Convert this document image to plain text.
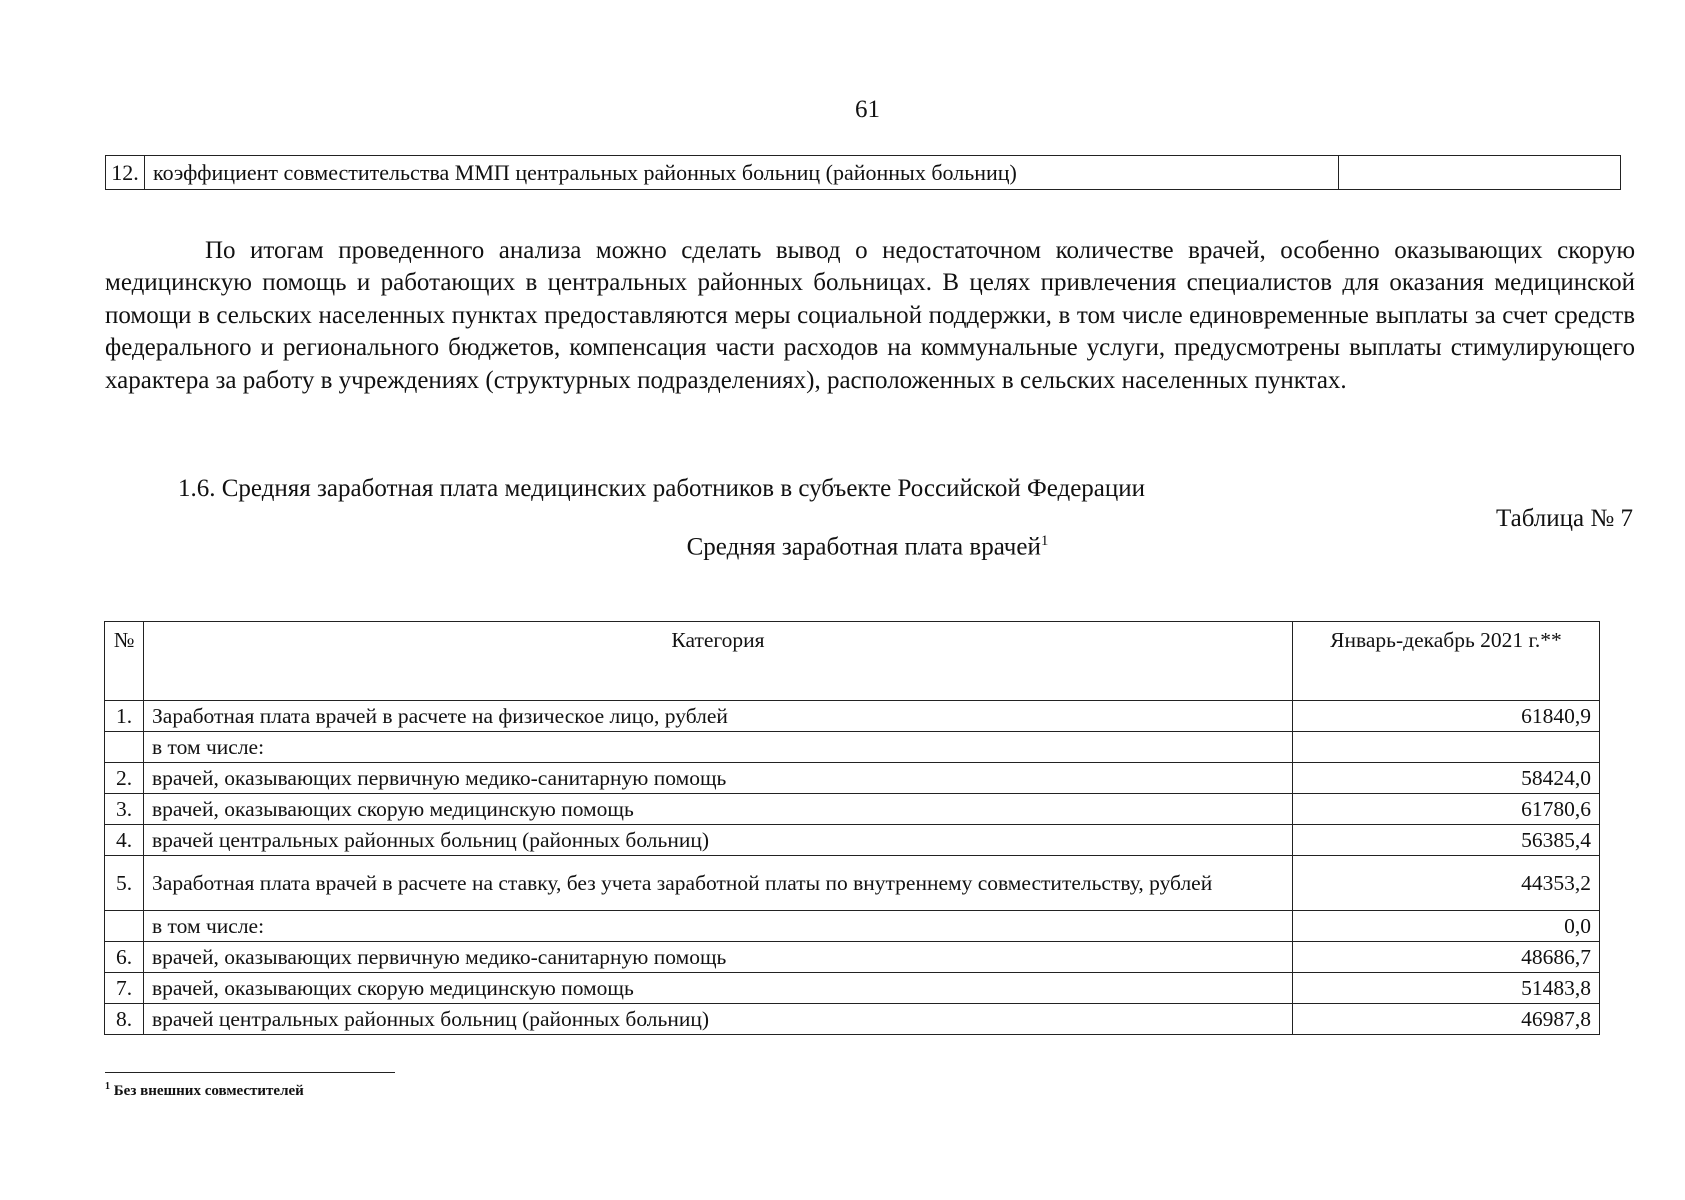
61
12.	коэффициент совместительства ММП центральных районных больниц (районных больниц)	

По итогам проведенного анализа можно сделать вывод о недостаточном количестве врачей, особенно оказывающих скорую медицинскую помощь и работающих в центральных районных больницах. В целях привлечения специалистов для оказания медицинской помощи в сельских населенных пунктах предоставляются меры социальной поддержки, в том числе единовременные выплаты за счет средств федерального и регионального бюджетов, компенсация части расходов на коммунальные услуги, предусмотрены выплаты стимулирующего характера за работу в учреждениях (структурных подразделениях), расположенных в сельских населенных пунктах.

1.6. Средняя заработная плата медицинских работников в субъекте Российской Федерации
Таблица № 7
Средняя заработная плата врачей$^1$
№	Категория	Январь-декабрь 2021 г.**
1.	Заработная плата врачей в расчете на физическое лицо, рублей	61840,9
	в том числе:	
2.	врачей, оказывающих первичную медико-санитарную помощь	58424,0
3.	врачей, оказывающих скорую медицинскую помощь	61780,6
4.	врачей центральных районных больниц (районных больниц)	56385,4
5.	Заработная плата врачей в расчете на ставку, без учета заработной платы по внутреннему совместительству, рублей	44353,2
	в том числе:	0,0
6.	врачей, оказывающих первичную медико-санитарную помощь	48686,7
7.	врачей, оказывающих скорую медицинскую помощь	51483,8
8.	врачей центральных районных больниц (районных больниц)	46987,8
$^1$ Без внешних совместителей
